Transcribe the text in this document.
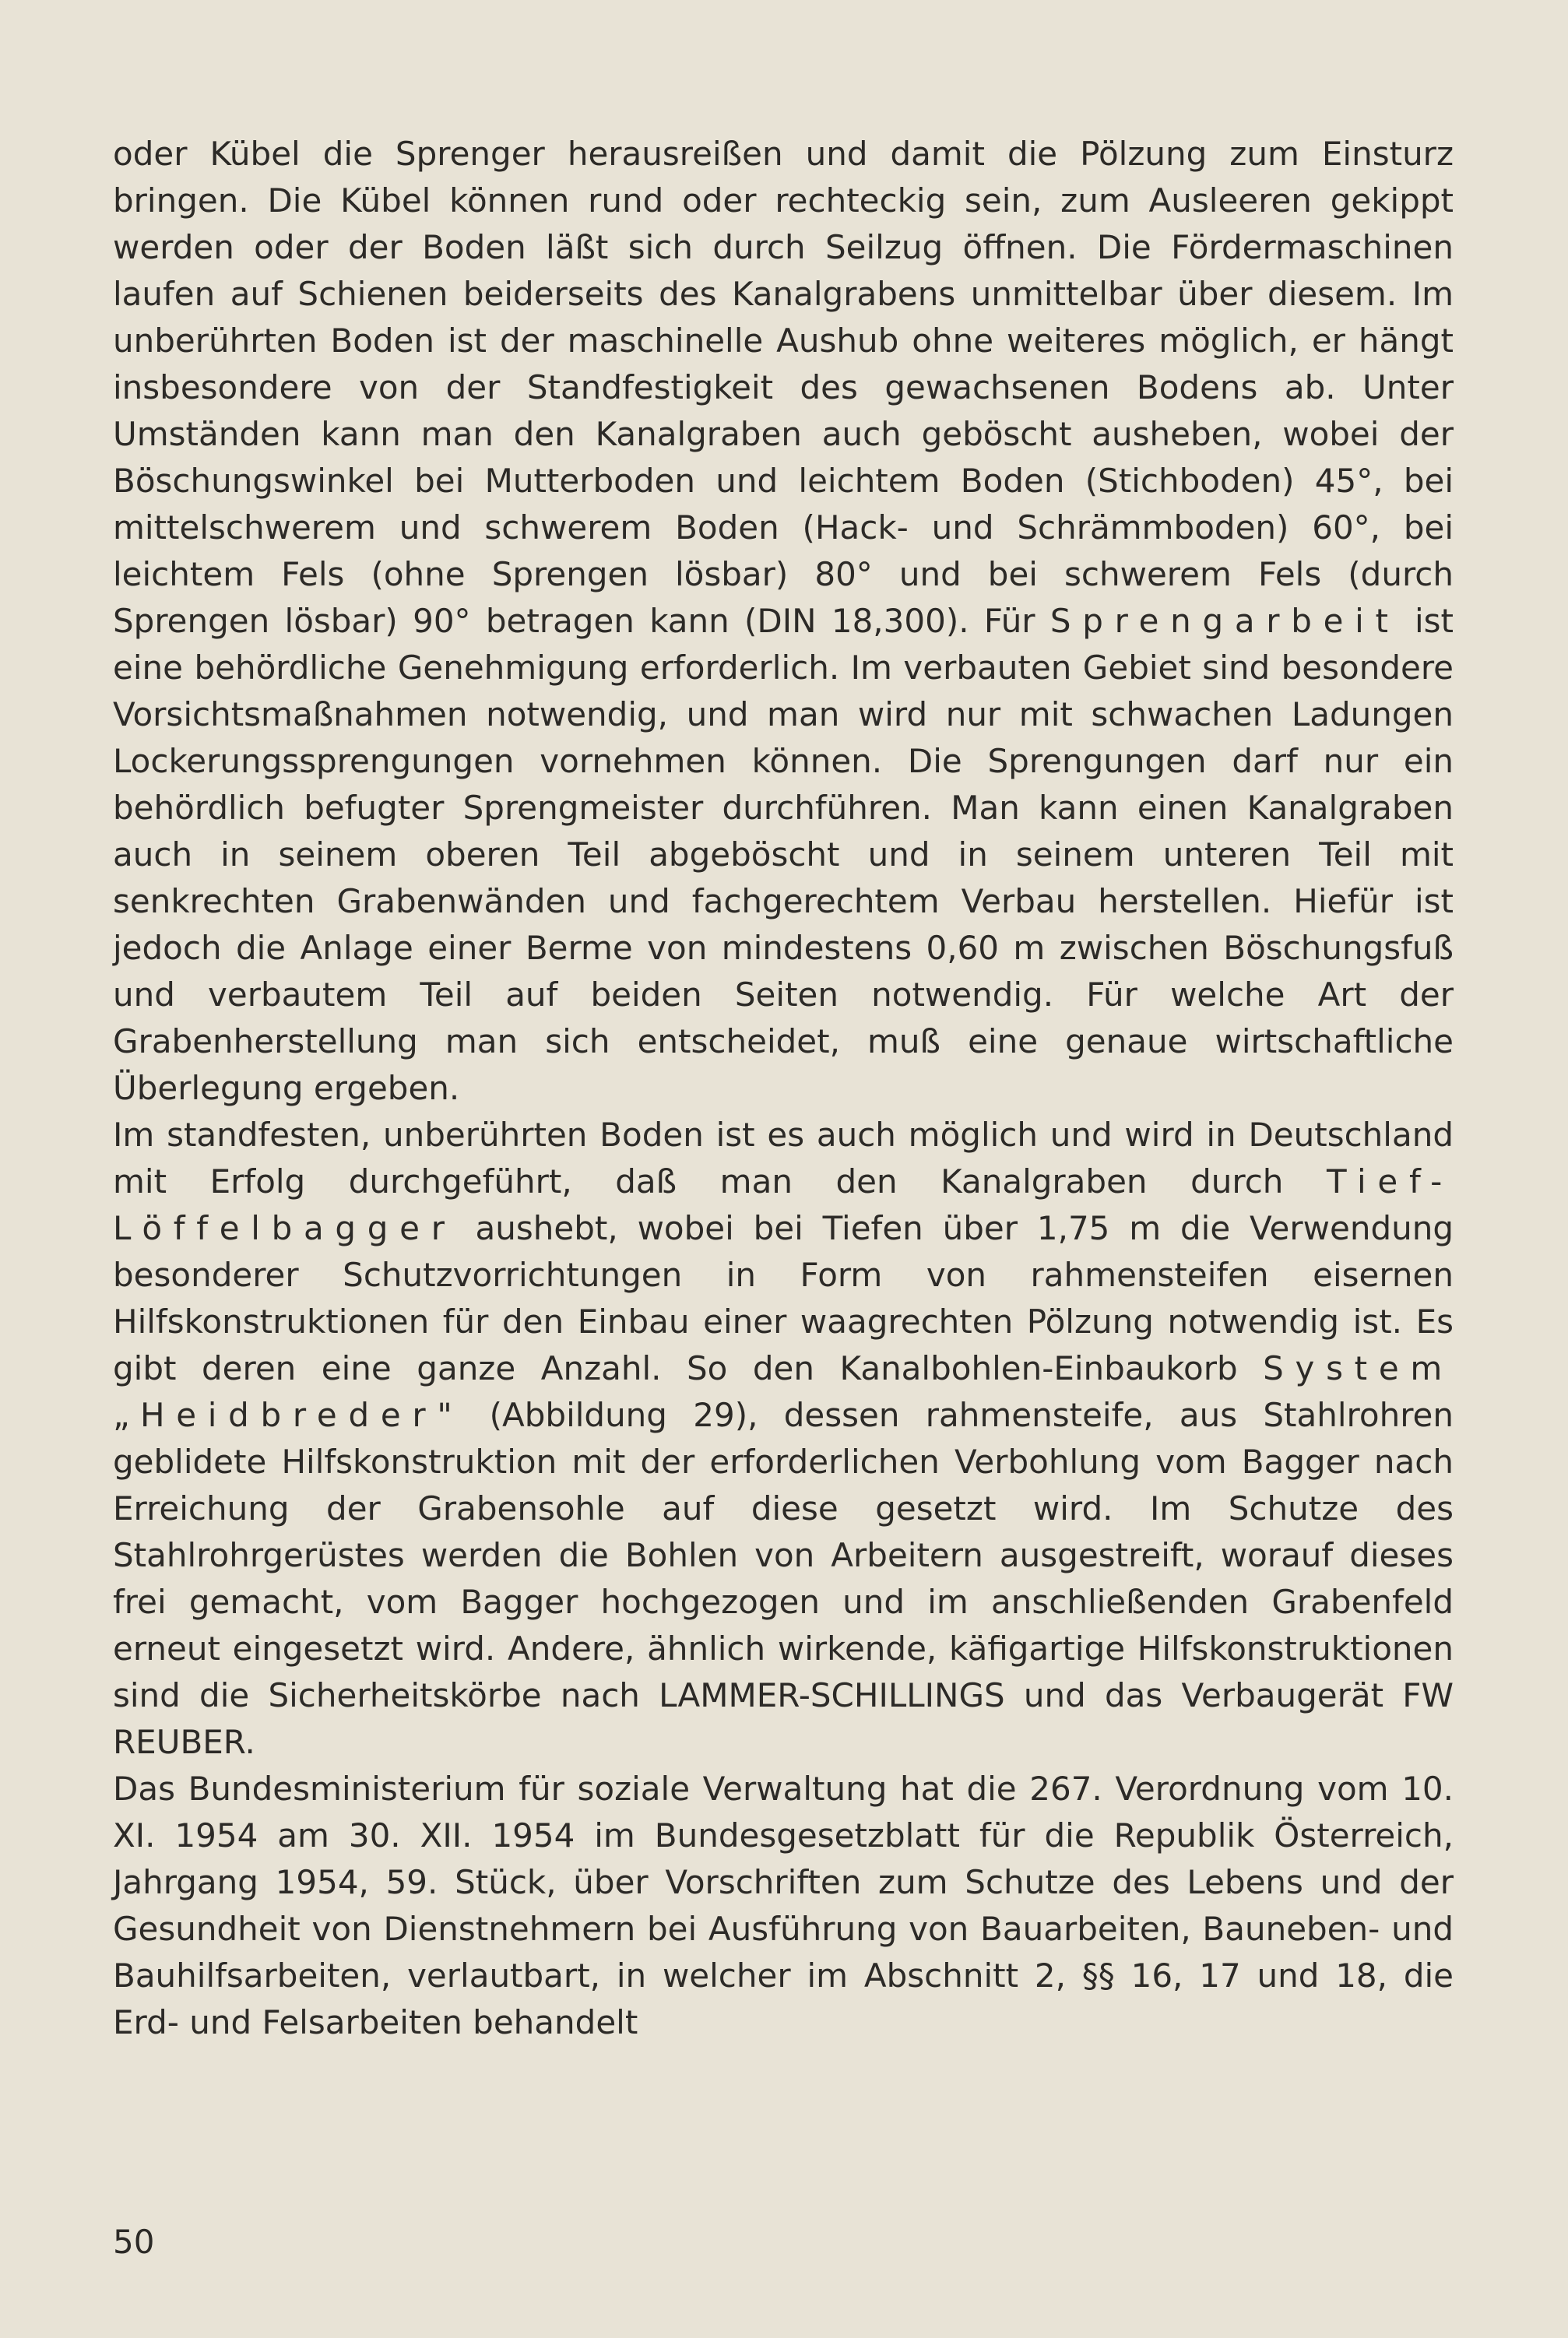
oder Kübel die Sprenger herausreißen und damit die Pölzung zum Einsturz bringen. Die Kübel können rund oder rechteckig sein, zum Ausleeren gekippt werden oder der Boden läßt sich durch Seilzug öffnen. Die Fördermaschinen laufen auf Schienen beiderseits des Kanalgrabens unmittelbar über diesem. Im unberührten Boden ist der maschinelle Aushub ohne weiteres möglich, er hängt insbesondere von der Standfestigkeit des gewachsenen Bodens ab. Unter Umständen kann man den Kanalgraben auch geböscht ausheben, wobei der Böschungswinkel bei Mutterboden und leichtem Boden (Stichboden) 45°, bei mittelschwerem und schwerem Boden (Hack- und Schrämmboden) 60°, bei leichtem Fels (ohne Sprengen lösbar) 80° und bei schwerem Fels (durch Sprengen lösbar) 90° betragen kann (DIN 18,300). Für Sprengarbeit ist eine behördliche Genehmigung erforderlich. Im verbauten Gebiet sind besondere Vorsichtsmaßnahmen notwendig, und man wird nur mit schwachen Ladungen Lockerungssprengungen vornehmen können. Die Sprengungen darf nur ein behördlich befugter Sprengmeister durchführen. Man kann einen Kanalgraben auch in seinem oberen Teil abgeböscht und in seinem unteren Teil mit senkrechten Grabenwänden und fachgerechtem Verbau herstellen. Hiefür ist jedoch die Anlage einer Berme von mindestens 0,60 m zwischen Böschungsfuß und verbautem Teil auf beiden Seiten notwendig. Für welche Art der Grabenherstellung man sich entscheidet, muß eine genaue wirtschaftliche Überlegung ergeben.

Im standfesten, unberührten Boden ist es auch möglich und wird in Deutschland mit Erfolg durchgeführt, daß man den Kanalgraben durch Tief-Löffelbagger aushebt, wobei bei Tiefen über 1,75 m die Verwendung besonderer Schutzvorrichtungen in Form von rahmensteifen eisernen Hilfskonstruktionen für den Einbau einer waagrechten Pölzung notwendig ist. Es gibt deren eine ganze Anzahl. So den Kanalbohlen-Einbaukorb System „Heidbreder" (Abbildung 29), dessen rahmensteife, aus Stahlrohren geblidete Hilfskonstruktion mit der erforderlichen Verbohlung vom Bagger nach Erreichung der Grabensohle auf diese gesetzt wird. Im Schutze des Stahlrohrgerüstes werden die Bohlen von Arbeitern ausgestreift, worauf dieses frei gemacht, vom Bagger hochgezogen und im anschließenden Grabenfeld erneut eingesetzt wird. Andere, ähnlich wirkende, käfigartige Hilfskonstruktionen sind die Sicherheitskörbe nach LAMMER-SCHILLINGS und das Verbaugerät FW REUBER.

Das Bundesministerium für soziale Verwaltung hat die 267. Verordnung vom 10. XI. 1954 am 30. XII. 1954 im Bundesgesetzblatt für die Republik Österreich, Jahrgang 1954, 59. Stück, über Vorschriften zum Schutze des Lebens und der Gesundheit von Dienstnehmern bei Ausführung von Bauarbeiten, Bauneben- und Bauhilfsarbeiten, verlautbart, in welcher im Abschnitt 2, §§ 16, 17 und 18, die Erd- und Felsarbeiten behandelt

50
